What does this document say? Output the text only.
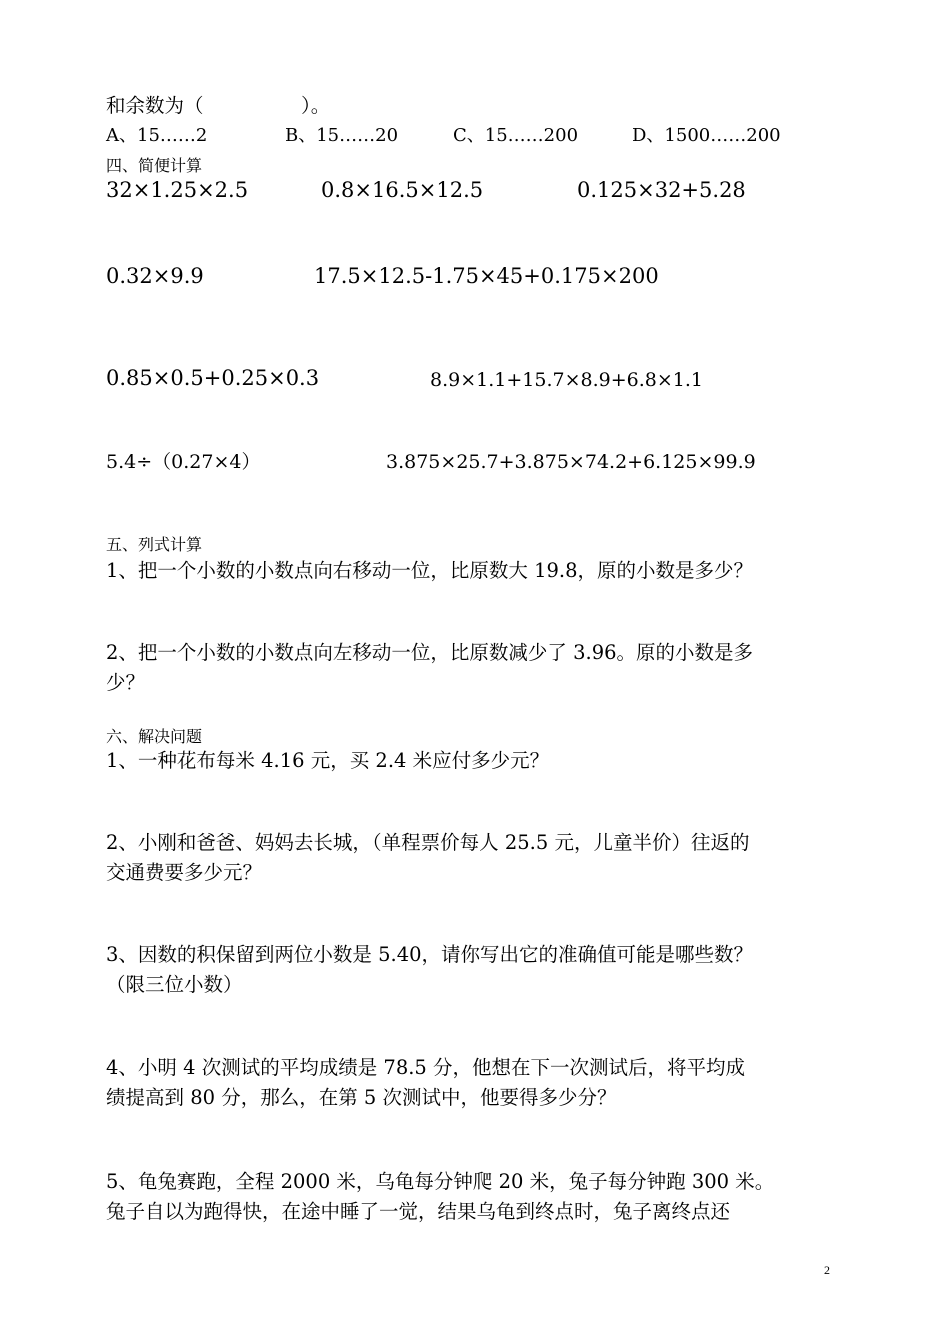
和余数为（　　　　　）。
A、15……2	B、15……20	C、15……200	D、1500……200
四、简便计算
32×1.25×2.5	0.8×16.5×12.5	0.125×32+5.28
0.32×9.9	17.5×12.5-1.75×45+0.175×200
0.85×0.5+0.25×0.3	8.9×1.1+15.7×8.9+6.8×1.1
5.4÷（0.27×4）	3.875×25.7+3.875×74.2+6.125×99.9
五、列式计算
1、把一个小数的小数点向右移动一位，比原数大 19.8，原的小数是多少？
2、把一个小数的小数点向左移动一位，比原数减少了 3.96。原的小数是多
少？
六、解决问题
1、一种花布每米 4.16 元，买 2.4 米应付多少元？
2、小刚和爸爸、妈妈去长城，（单程票价每人 25.5 元，儿童半价）往返的
交通费要多少元？
3、因数的积保留到两位小数是 5.40，请你写出它的准确值可能是哪些数？
（限三位小数）
4、小明 4 次测试的平均成绩是 78.5 分，他想在下一次测试后，将平均成
绩提高到 80 分，那么，在第 5 次测试中，他要得多少分？
5、龟兔赛跑，全程 2000 米，乌龟每分钟爬 20 米，兔子每分钟跑 300 米。
兔子自以为跑得快，在途中睡了一觉，结果乌龟到终点时，兔子离终点还
2
